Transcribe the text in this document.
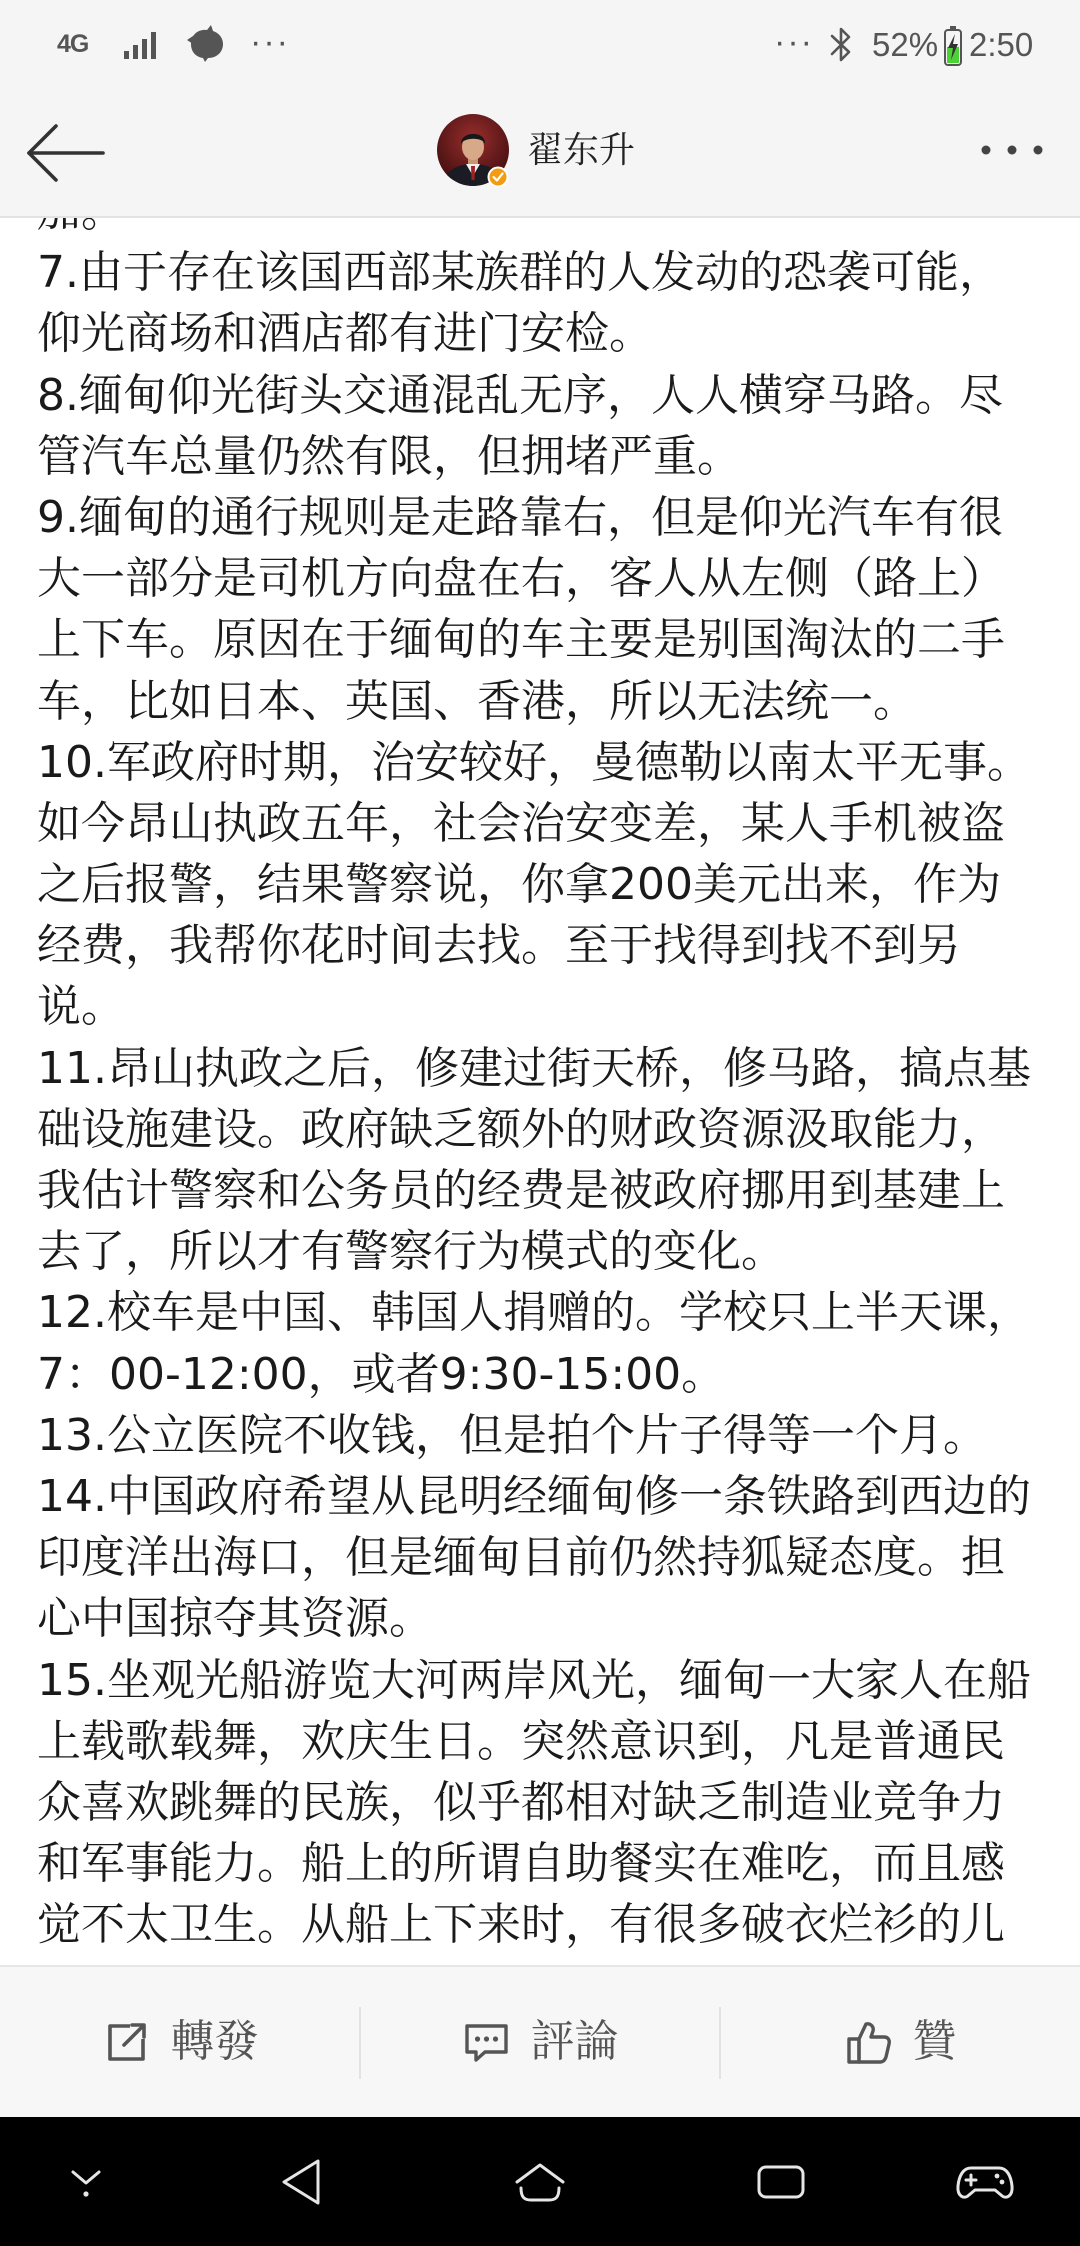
4G	···	··· 52% 2:50
翟东升
7.由于存在该国西部某族群的人发动的恐袭可能，
仰光商场和酒店都有进门安检。
8.缅甸仰光街头交通混乱无序，人人横穿马路。尽
管汽车总量仍然有限，但拥堵严重。
9.缅甸的通行规则是走路靠右，但是仰光汽车有很
大一部分是司机方向盘在右，客人从左侧（路上）
上下车。原因在于缅甸的车主要是别国淘汰的二手
车，比如日本、英国、香港，所以无法统一。
10.军政府时期，治安较好，曼德勒以南太平无事。
如今昂山执政五年，社会治安变差，某人手机被盗
之后报警，结果警察说，你拿200美元出来，作为
经费，我帮你花时间去找。至于找得到找不到另
说。
11.昂山执政之后，修建过街天桥，修马路，搞点基
础设施建设。政府缺乏额外的财政资源汲取能力，
我估计警察和公务员的经费是被政府挪用到基建上
去了，所以才有警察行为模式的变化。
12.校车是中国、韩国人捐赠的。学校只上半天课，
7：00-12:00，或者9:30-15:00。
13.公立医院不收钱，但是拍个片子得等一个月。
14.中国政府希望从昆明经缅甸修一条铁路到西边的
印度洋出海口，但是缅甸目前仍然持狐疑态度。担
心中国掠夺其资源。
15.坐观光船游览大河两岸风光，缅甸一大家人在船
上载歌载舞，欢庆生日。突然意识到，凡是普通民
众喜欢跳舞的民族，似乎都相对缺乏制造业竞争力
和军事能力。船上的所谓自助餐实在难吃，而且感
觉不太卫生。从船上下来时，有很多破衣烂衫的儿
轉發	評論	贊
